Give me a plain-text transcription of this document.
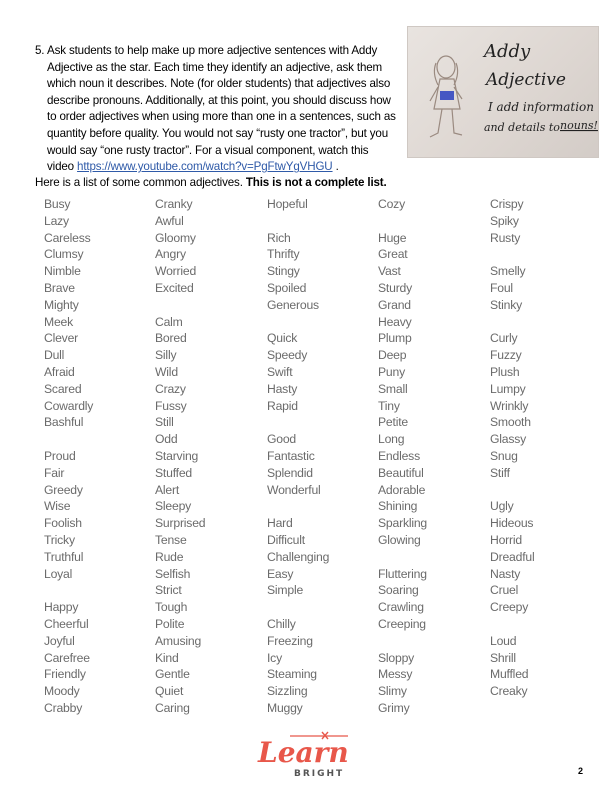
5. Ask students to help make up more adjective sentences with Addy Adjective as the star. Each time they identify an adjective, ask them which noun it describes. Note (for older students) that adjectives also describe pronouns. Additionally, at this point, you should discuss how to order adjectives when using more than one in a sentences, such as quantity before quality. You would not say “rusty one tractor”, but you would say “one rusty tractor”. For a visual component, watch this video https://www.youtube.com/watch?v=PgFtwYgVHGU .
Addy
Adjective
I add information
and details to nouns!
Here is a list of some common adjectives. This is not a complete list.
Busy
Lazy
Careless
Clumsy
Nimble
Brave
Mighty
Meek
Clever
Dull
Afraid
Scared
Cowardly
Bashful
Proud
Fair
Greedy
Wise
Foolish
Tricky
Truthful
Loyal
Happy
Cheerful
Joyful
Carefree
Friendly
Moody
Crabby
Cranky
Awful
Gloomy
Angry
Worried
Excited
Calm
Bored
Silly
Wild
Crazy
Fussy
Still
Odd
Starving
Stuffed
Alert
Sleepy
Surprised
Tense
Rude
Selfish
Strict
Tough
Polite
Amusing
Kind
Gentle
Quiet
Caring
Hopeful
Rich
Thrifty
Stingy
Spoiled
Generous
Quick
Speedy
Swift
Hasty
Rapid
Good
Fantastic
Splendid
Wonderful
Hard
Difficult
Challenging
Easy
Simple
Chilly
Freezing
Icy
Steaming
Sizzling
Muggy
Cozy
Huge
Great
Vast
Sturdy
Grand
Heavy
Plump
Deep
Puny
Small
Tiny
Petite
Long
Endless
Beautiful
Adorable
Shining
Sparkling
Glowing
Fluttering
Soaring
Crawling
Creeping
Sloppy
Messy
Slimy
Grimy
Crispy
Spiky
Rusty
Smelly
Foul
Stinky
Curly
Fuzzy
Plush
Lumpy
Wrinkly
Smooth
Glassy
Snug
Stiff
Ugly
Hideous
Horrid
Dreadful
Nasty
Cruel
Creepy
Loud
Shrill
Muffled
Creaky
Learn
BRIGHT	2
